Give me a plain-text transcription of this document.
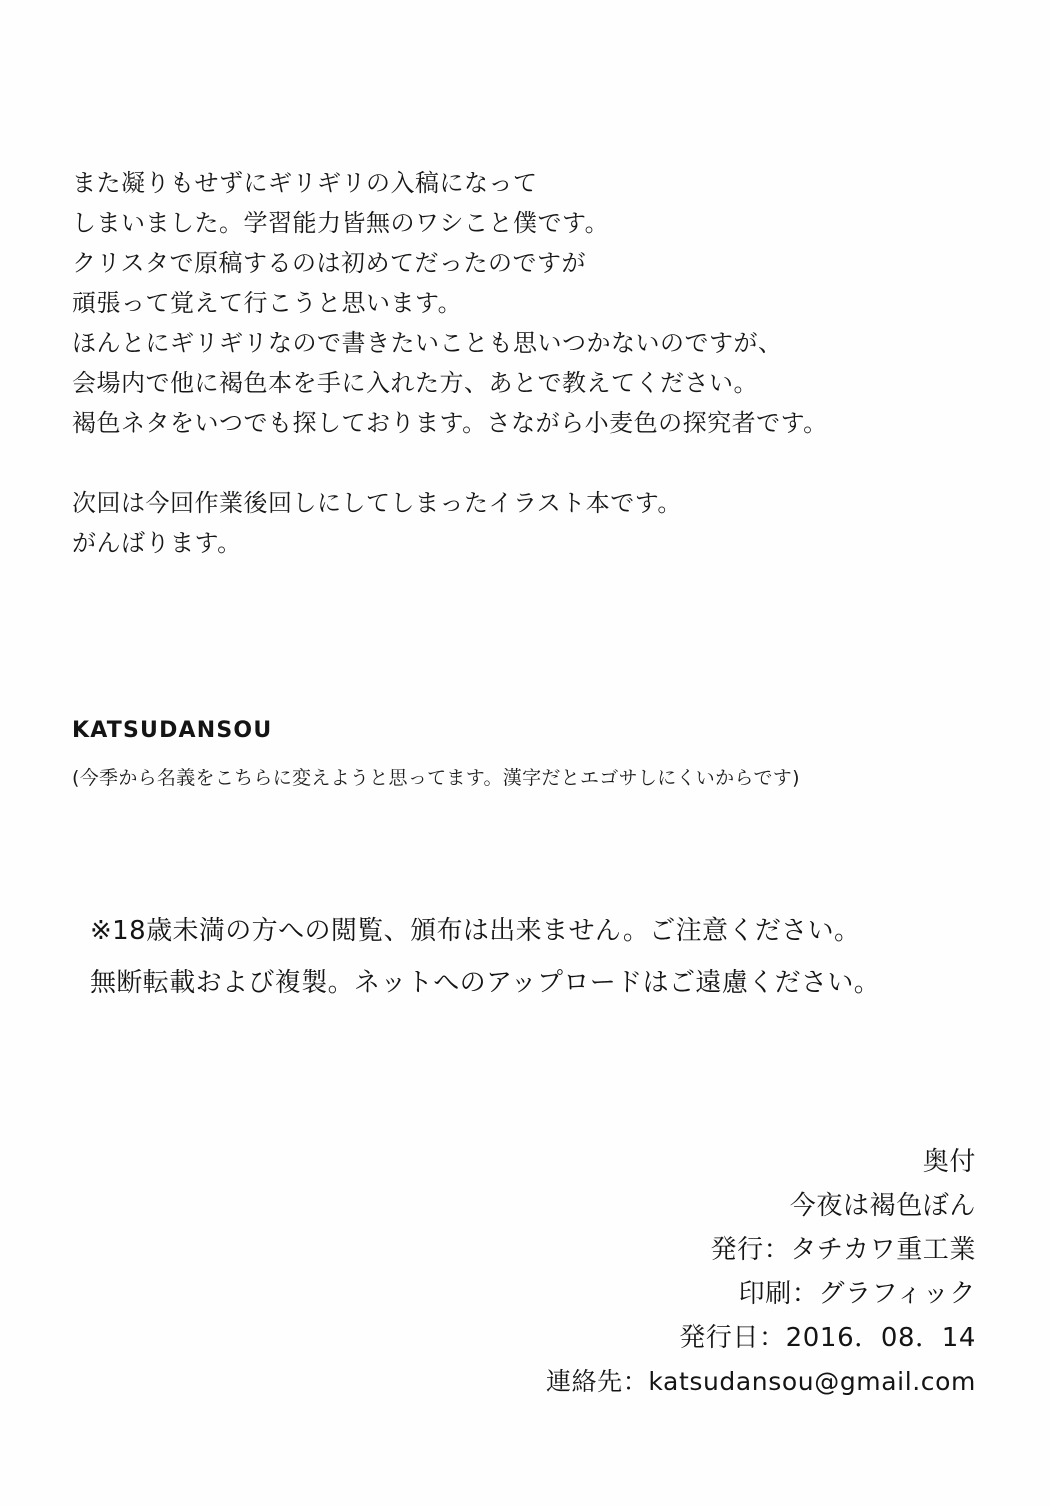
また凝りもせずにギリギリの入稿になって

しまいました。学習能力皆無のワシこと僕です。

クリスタで原稿するのは初めてだったのですが

頑張って覚えて行こうと思います。

ほんとにギリギリなので書きたいことも思いつかないのですが、

会場内で他に褐色本を手に入れた方、あとで教えてください。

褐色ネタをいつでも探しております。さながら小麦色の探究者です。

次回は今回作業後回しにしてしまったイラスト本です。

がんばります。

KATSUDANSOU
(今季から名義をこちらに変えようと思ってます。漢字だとエゴサしにくいからです)

※18歳未満の方への閲覧、頒布は出来ません。ご注意ください。

無断転載および複製。ネットへのアップロードはご遠慮ください。

奥付
今夜は褐色ぼん
発行：タチカワ重工業
印刷：グラフィック
発行日：2016．08．14
連絡先：katsudansou@gmail.com
